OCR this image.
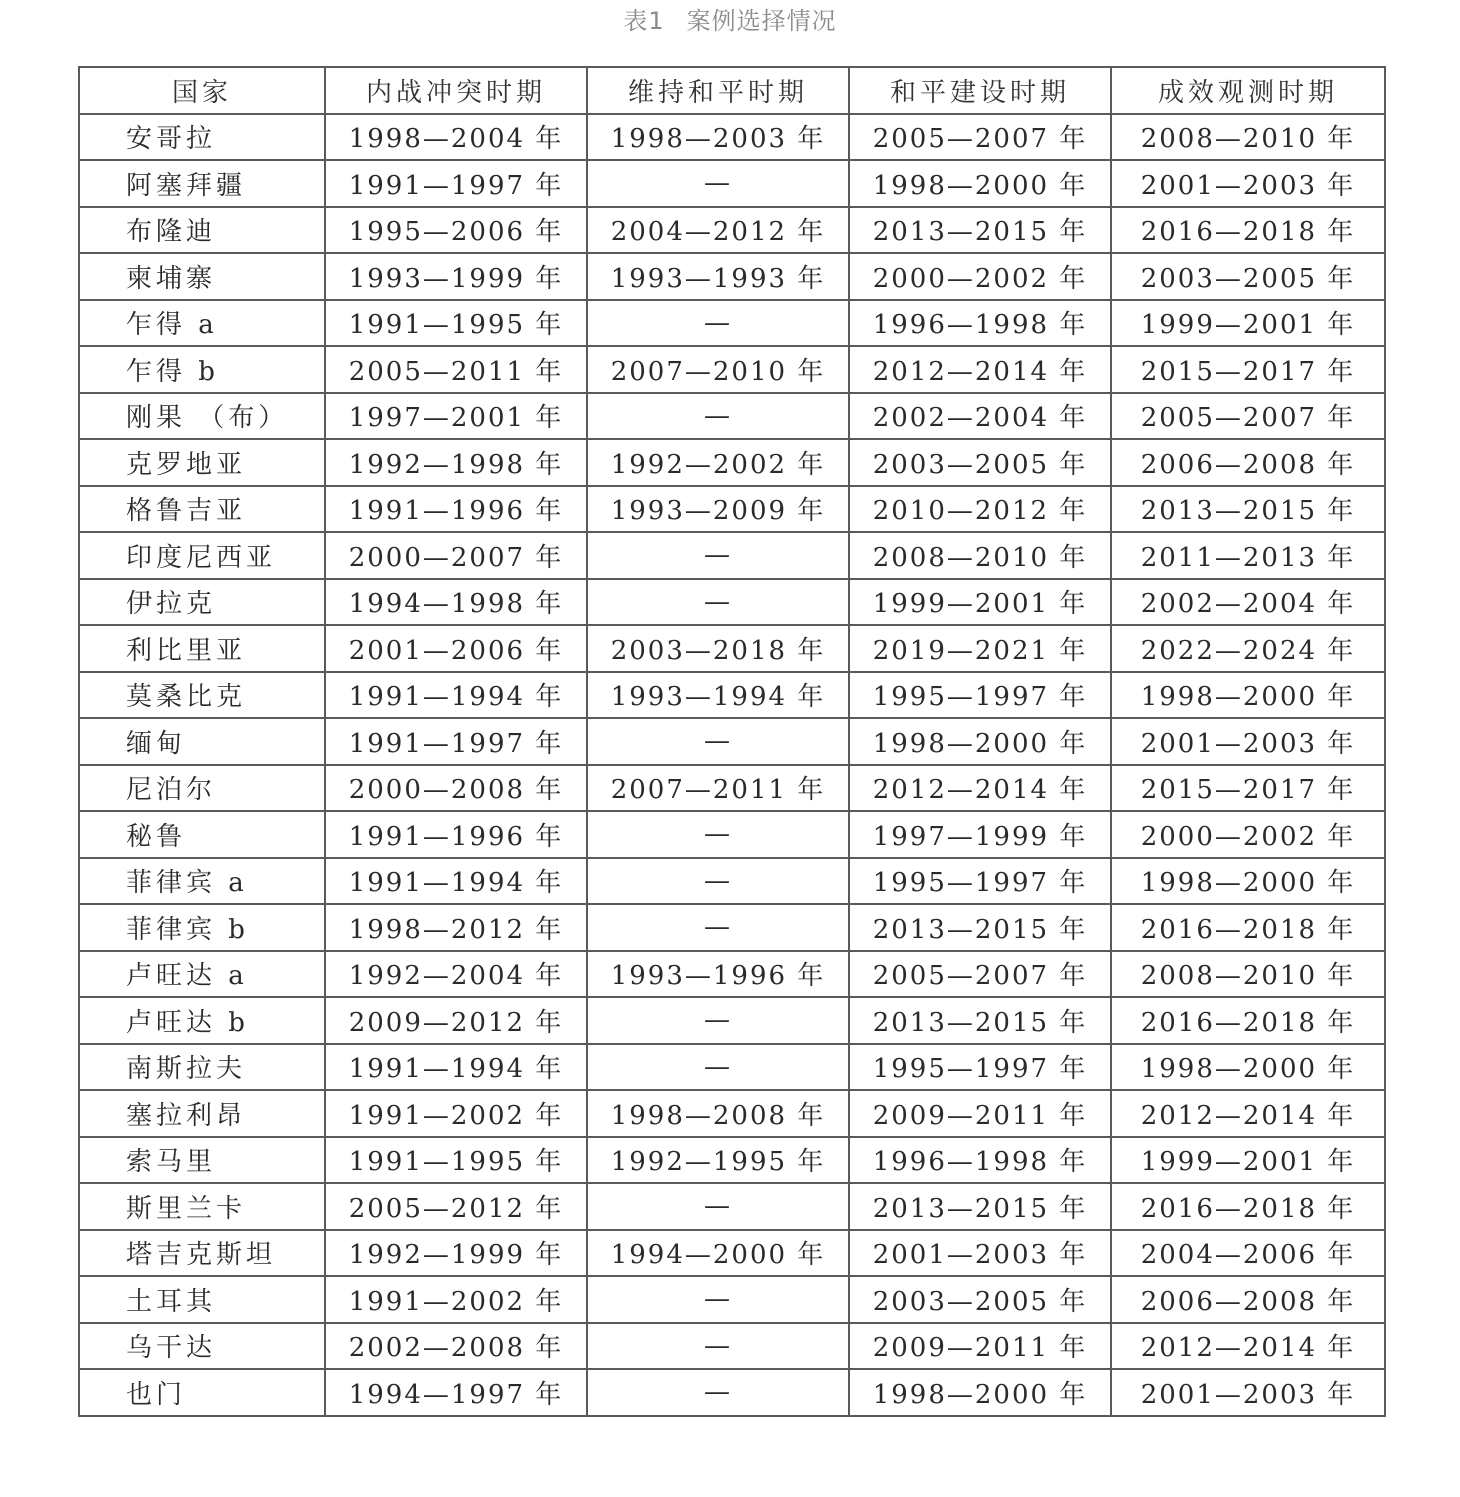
表1 案例选择情况
国家	内战冲突时期	维持和平时期	和平建设时期	成效观测时期
安哥拉	1998—2004 年	1998—2003 年	2005—2007 年	2008—2010 年
阿塞拜疆	1991—1997 年	—	1998—2000 年	2001—2003 年
布隆迪	1995—2006 年	2004—2012 年	2013—2015 年	2016—2018 年
柬埔寨	1993—1999 年	1993—1993 年	2000—2002 年	2003—2005 年
乍得 a	1991—1995 年	—	1996—1998 年	1999—2001 年
乍得 b	2005—2011 年	2007—2010 年	2012—2014 年	2015—2017 年
刚果 （布）	1997—2001 年	—	2002—2004 年	2005—2007 年
克罗地亚	1992—1998 年	1992—2002 年	2003—2005 年	2006—2008 年
格鲁吉亚	1991—1996 年	1993—2009 年	2010—2012 年	2013—2015 年
印度尼西亚	2000—2007 年	—	2008—2010 年	2011—2013 年
伊拉克	1994—1998 年	—	1999—2001 年	2002—2004 年
利比里亚	2001—2006 年	2003—2018 年	2019—2021 年	2022—2024 年
莫桑比克	1991—1994 年	1993—1994 年	1995—1997 年	1998—2000 年
缅甸	1991—1997 年	—	1998—2000 年	2001—2003 年
尼泊尔	2000—2008 年	2007—2011 年	2012—2014 年	2015—2017 年
秘鲁	1991—1996 年	—	1997—1999 年	2000—2002 年
菲律宾 a	1991—1994 年	—	1995—1997 年	1998—2000 年
菲律宾 b	1998—2012 年	—	2013—2015 年	2016—2018 年
卢旺达 a	1992—2004 年	1993—1996 年	2005—2007 年	2008—2010 年
卢旺达 b	2009—2012 年	—	2013—2015 年	2016—2018 年
南斯拉夫	1991—1994 年	—	1995—1997 年	1998—2000 年
塞拉利昂	1991—2002 年	1998—2008 年	2009—2011 年	2012—2014 年
索马里	1991—1995 年	1992—1995 年	1996—1998 年	1999—2001 年
斯里兰卡	2005—2012 年	—	2013—2015 年	2016—2018 年
塔吉克斯坦	1992—1999 年	1994—2000 年	2001—2003 年	2004—2006 年
土耳其	1991—2002 年	—	2003—2005 年	2006—2008 年
乌干达	2002—2008 年	—	2009—2011 年	2012—2014 年
也门	1994—1997 年	—	1998—2000 年	2001—2003 年
